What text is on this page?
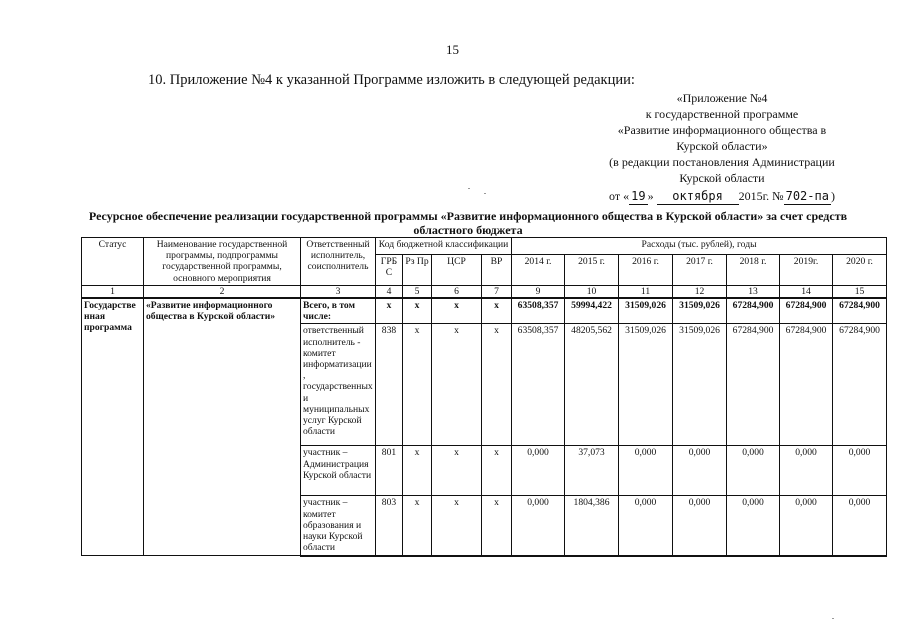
15
10. Приложение №4 к указанной Программе изложить в следующей редакции:
«Приложение №4
к государственной программе
«Развитие информационного общества в
Курской области»
(в редакции постановления Администрации
Курской области
от « 19 » октября 2015г. № 702-па )
Ресурсное обеспечение реализации государственной программы «Развитие информационного общества в Курской области» за счет средств областного бюджета
Статус	Наименование государственной программы, подпрограммы государственной программы, основного мероприятия	Ответственный исполнитель, соисполнитель	Код бюджетной классификации				Расходы (тыс. рублей), годы						
			ГРБС	Рз Пр	ЦСР	ВР	2014 г.	2015 г.	2016 г.	2017 г.	2018 г.	2019г.	2020 г.
1	2	3	4	5	6	7	9	10	11	12	13	14	15
Государственная программа	«Развитие информационного общества в Курской области»	Всего, в том числе:	х	х	х	х	63508,357	59994,422	31509,026	31509,026	67284,900	67284,900	67284,900
		ответственный исполнитель - комитет информатизации, государственных и муниципальных услуг Курской области	838	х	х	х	63508,357	48205,562	31509,026	31509,026	67284,900	67284,900	67284,900
		участник – Администрация Курской области	801	х	х	х	0,000	37,073	0,000	0,000	0,000	0,000	0,000
		участник – комитет образования и науки Курской области	803	х	х	х	0,000	1804,386	0,000	0,000	0,000	0,000	0,000
